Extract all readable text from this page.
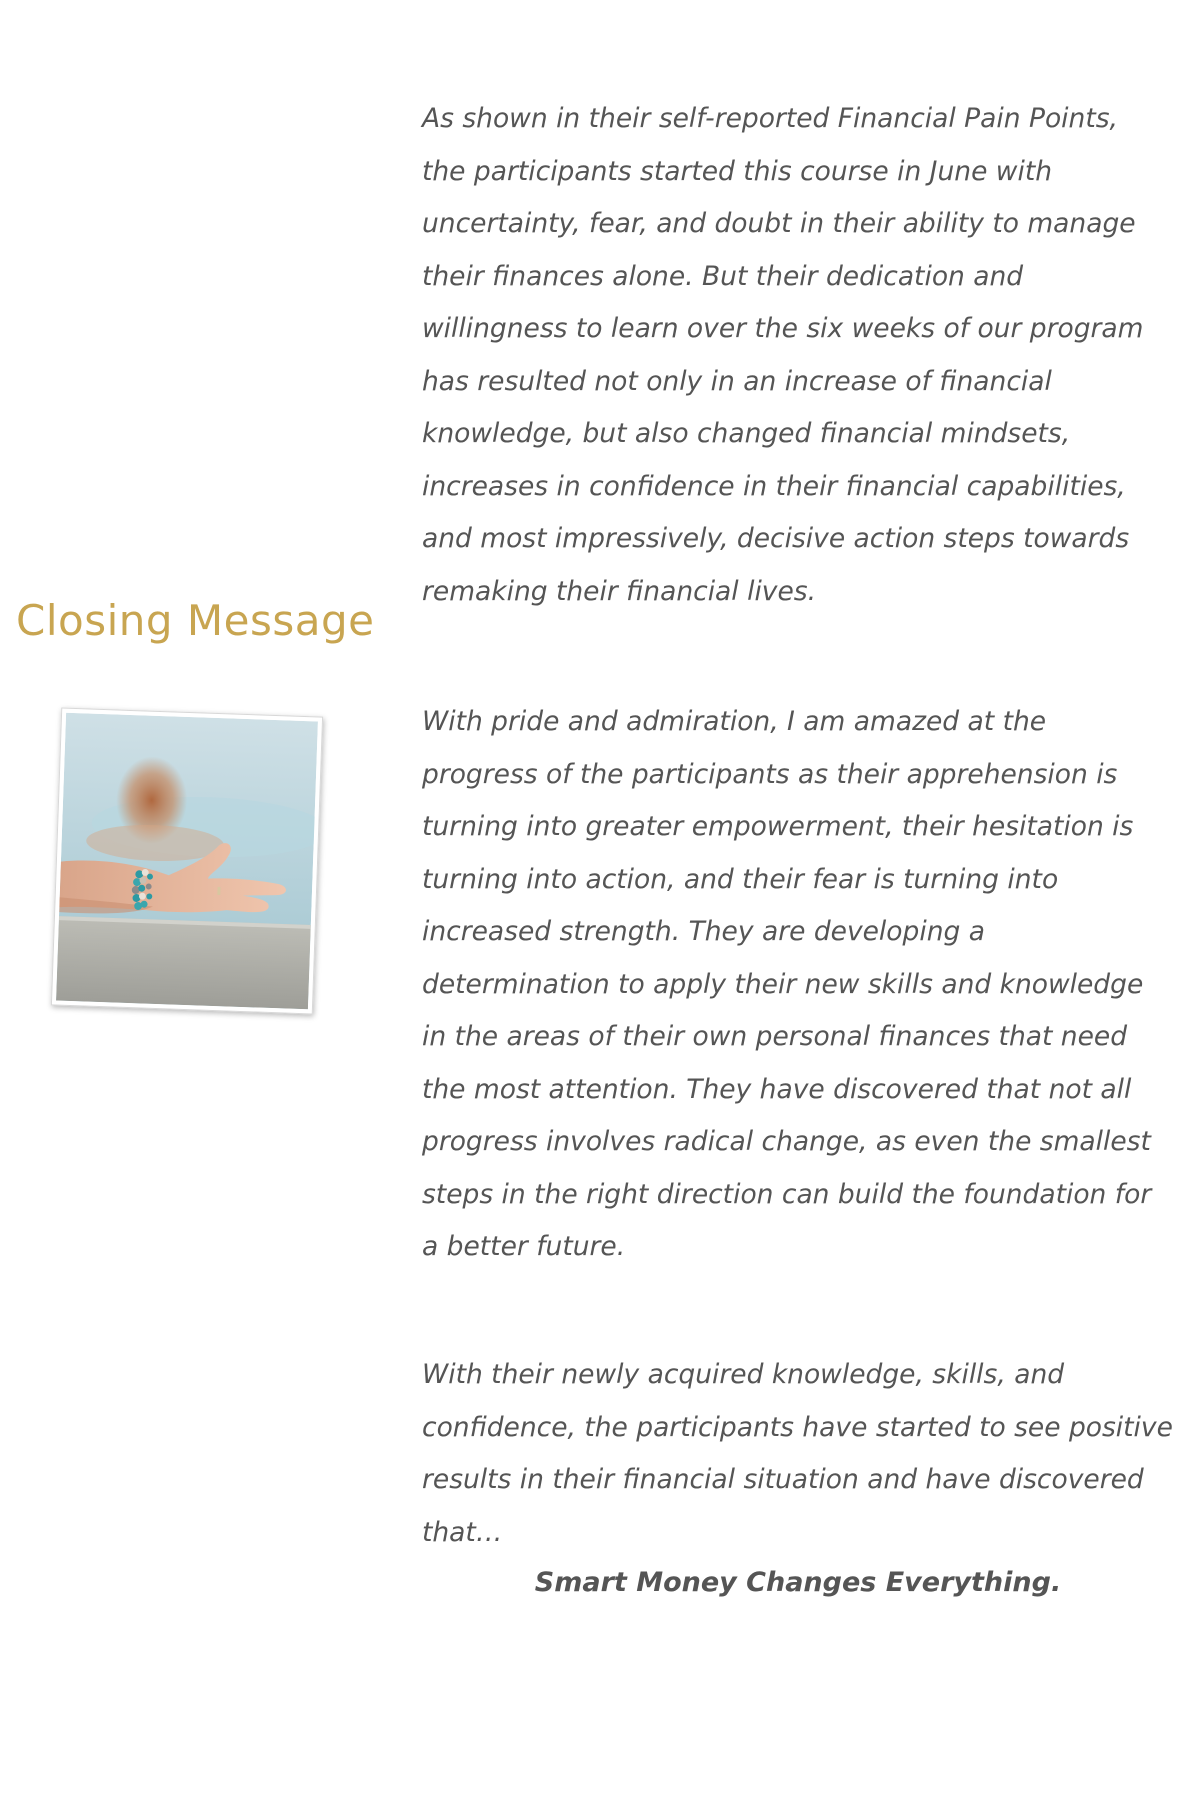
Closing Message

As shown in their self-reported Financial Pain Points,
the participants started this course in June with
uncertainty, fear, and doubt in their ability to manage
their finances alone. But their dedication and
willingness to learn over the six weeks of our program
has resulted not only in an increase of financial
knowledge, but also changed financial mindsets,
increases in confidence in their financial capabilities,
and most impressively, decisive action steps towards
remaking their financial lives.

With pride and admiration, I am amazed at the
progress of the participants as their apprehension is
turning into greater empowerment, their hesitation is
turning into action, and their fear is turning into
increased strength. They are developing a
determination to apply their new skills and knowledge
in the areas of their own personal finances that need
the most attention. They have discovered that not all
progress involves radical change, as even the smallest
steps in the right direction can build the foundation for
a better future.

With their newly acquired knowledge, skills, and
confidence, the participants have started to see positive
results in their financial situation and have discovered
that…

Smart Money Changes Everything.
